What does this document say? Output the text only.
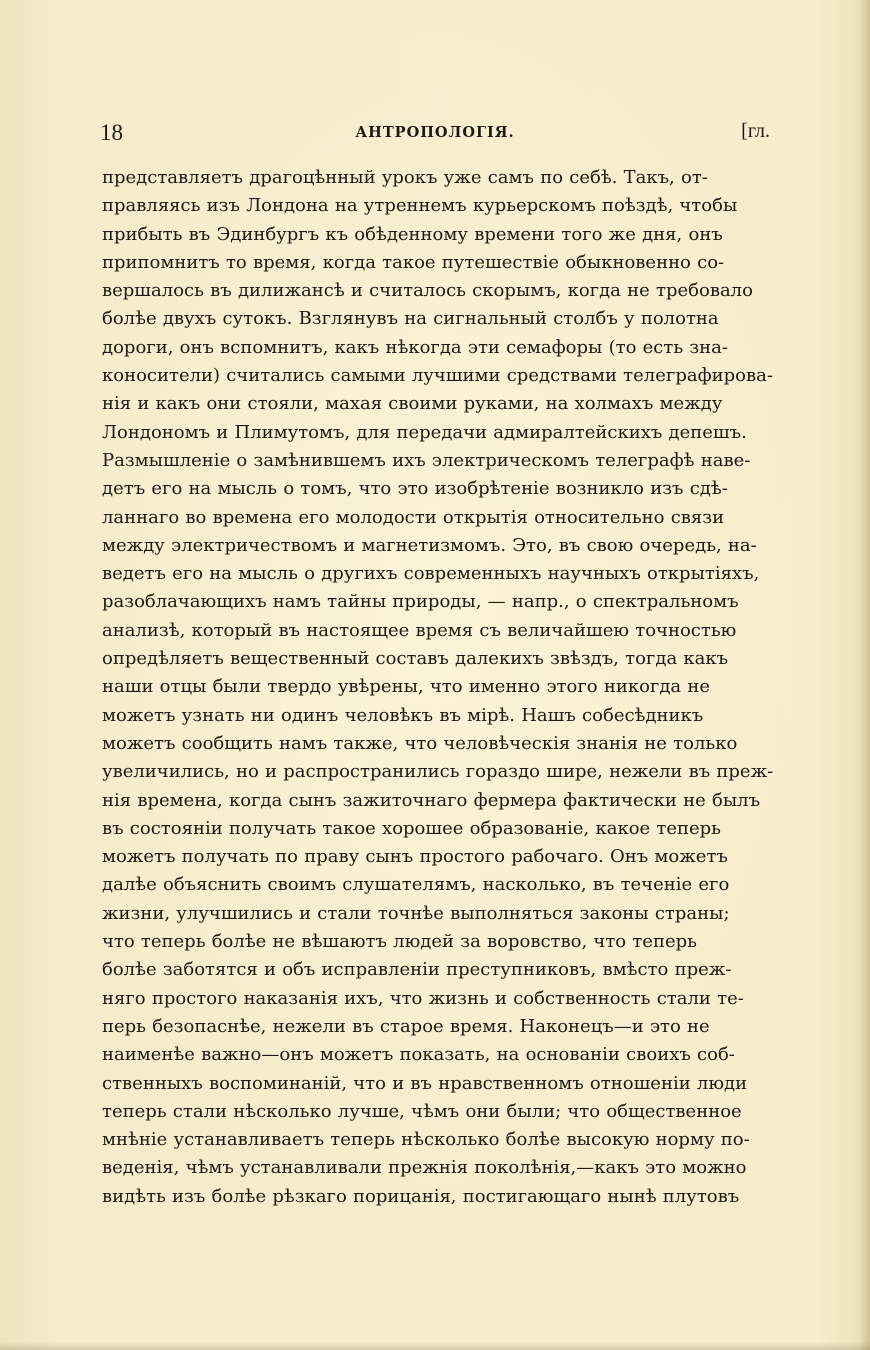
18	АНТРОПОЛОГІЯ.	[гл.
представляетъ драгоцѣнный урокъ уже самъ по себѣ. Такъ, от-
правляясь изъ Лондона на утреннемъ курьерскомъ поѣздѣ, чтобы
прибыть въ Эдинбургъ къ обѣденному времени того же дня, онъ
припомнитъ то время, когда такое путешествіе обыкновенно со-
вершалось въ дилижансѣ и считалось скорымъ, когда не требовало
болѣе двухъ сутокъ. Взглянувъ на сигнальный столбъ у полотна
дороги, онъ вспомнитъ, какъ нѣкогда эти семафоры (то есть зна-
коносители) считались самыми лучшими средствами телеграфирова-
нія и какъ они стояли, махая своими руками, на холмахъ между
Лондономъ и Плимутомъ, для передачи адмиралтейскихъ депешъ.
Размышленіе о замѣнившемъ ихъ электрическомъ телеграфѣ наве-
детъ его на мысль о томъ, что это изобрѣтеніе возникло изъ сдѣ-
ланнаго во времена его молодости открытія относительно связи
между электричествомъ и магнетизмомъ. Это, въ свою очередь, на-
ведетъ его на мысль о другихъ современныхъ научныхъ открытіяхъ,
разоблачающихъ намъ тайны природы, — напр., о спектральномъ
анализѣ, который въ настоящее время съ величайшею точностью
опредѣляетъ вещественный составъ далекихъ звѣздъ, тогда какъ
наши отцы были твердо увѣрены, что именно этого никогда не
можетъ узнать ни одинъ человѣкъ въ мірѣ. Нашъ собесѣдникъ
можетъ сообщить намъ также, что человѣческія знанія не только
увеличились, но и распространились гораздо шире, нежели въ преж-
нія времена, когда сынъ зажиточнаго фермера фактически не былъ
въ состояніи получать такое хорошее образованіе, какое теперь
можетъ получать по праву сынъ простого рабочаго. Онъ можетъ
далѣе объяснить своимъ слушателямъ, насколько, въ теченіе его
жизни, улучшились и стали точнѣе выполняться законы страны;
что теперь болѣе не вѣшаютъ людей за воровство, что теперь
болѣе заботятся и объ исправленіи преступниковъ, вмѣсто преж-
няго простого наказанія ихъ, что жизнь и собственность стали те-
перь безопаснѣе, нежели въ старое время. Наконецъ—и это не
наименѣе важно—онъ можетъ показать, на основаніи своихъ соб-
ственныхъ воспоминаній, что и въ нравственномъ отношеніи люди
теперь стали нѣсколько лучше, чѣмъ они были; что общественное
мнѣніе устанавливаетъ теперь нѣсколько болѣе высокую норму по-
веденія, чѣмъ устанавливали прежнія поколѣнія,—какъ это можно
видѣть изъ болѣе рѣзкаго порицанія, постигающаго нынѣ плутовъ
